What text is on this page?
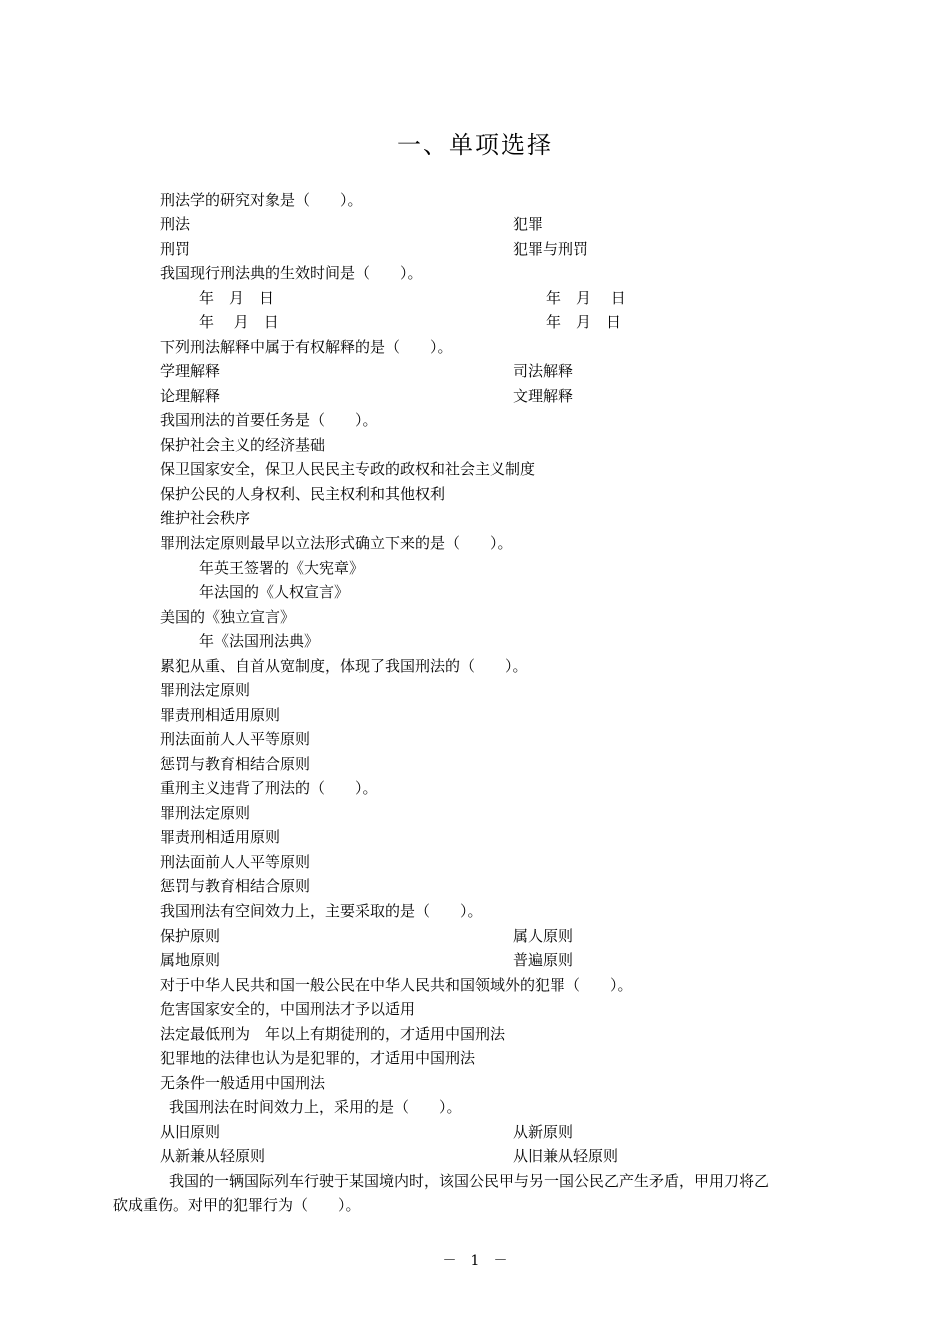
一、单项选择
刑法学的研究对象是（　　）。
刑法	犯罪
刑罚	犯罪与刑罚
我国现行刑法典的生效时间是（　　）。
年　月　日	年　月　 日
年　 月　日	年　月　日
下列刑法解释中属于有权解释的是（　　）。
学理解释	司法解释
论理解释	文理解释
我国刑法的首要任务是（　　）。
保护社会主义的经济基础
保卫国家安全，保卫人民民主专政的政权和社会主义制度
保护公民的人身权利、民主权利和其他权利
维护社会秩序
罪刑法定原则最早以立法形式确立下来的是（　　）。
年英王签署的《大宪章》
年法国的《人权宣言》
美国的《独立宣言》
年《法国刑法典》
累犯从重、自首从宽制度，体现了我国刑法的（　　）。
罪刑法定原则
罪责刑相适用原则
刑法面前人人平等原则
惩罚与教育相结合原则
重刑主义违背了刑法的（　　）。
罪刑法定原则
罪责刑相适用原则
刑法面前人人平等原则
惩罚与教育相结合原则
我国刑法有空间效力上，主要采取的是（　　）。
保护原则	属人原则
属地原则	普遍原则
对于中华人民共和国一般公民在中华人民共和国领域外的犯罪（　　）。
危害国家安全的，中国刑法才予以适用
法定最低刑为　年以上有期徒刑的，才适用中国刑法
犯罪地的法律也认为是犯罪的，才适用中国刑法
无条件一般适用中国刑法
我国刑法在时间效力上，采用的是（　　）。
从旧原则	从新原则
从新兼从轻原则	从旧兼从轻原则
我国的一辆国际列车行驶于某国境内时，该国公民甲与另一国公民乙产生矛盾，甲用刀将乙
砍成重伤。对甲的犯罪行为（　　）。
－　1　－
